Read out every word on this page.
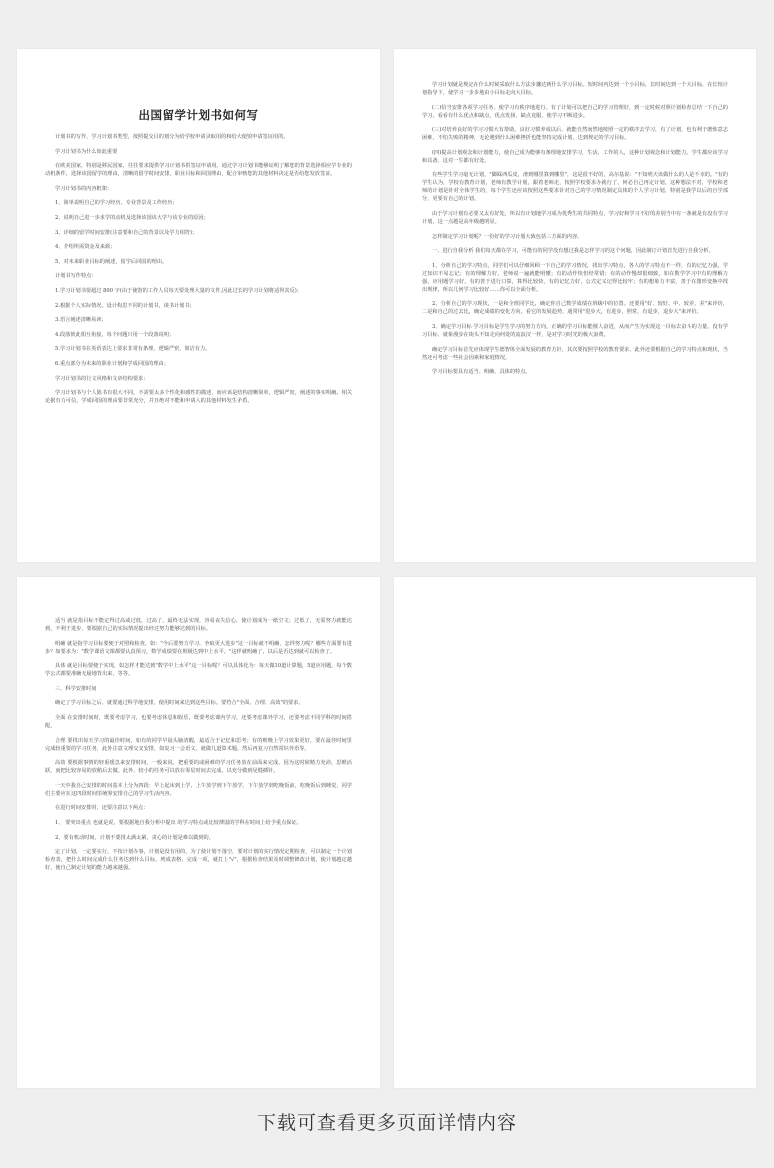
出国留学计划书如何写
计划书的写作，学习计划书类型，按照提交目的划分为给学校申请录取用的和给大使馆申请签证用的。
学习计划书为什么如此重要
在欧美国家，特别是移民国家，往往要求提供学习计划书供签证申请用。通过学习计划书能够证明了解您的背景选择相应学专业的动机条件，选择该国留学的理由，清晰的留学时间安排，职业目标和回国理由，配合审核您的其他材料决定是否给您发放签证。
学习计划书的内容框架：
1、简单说明自己的学习经历，专业背景及工作经历；
2、说明自己进一步求学的动机及选择该国该大学与该专业的原因；
3、详细的留学时间安排(注意要和自己的背景以及学力相符)；
4、介绍所需资金及来源；
5、对未来职业目标的阐述，留学后回国的理由。
计划书写作特点：
1.学习计划书要超过 800 字(由于使馆的工作人员每天要处理大量的文件,因此过长的学习计划将适得其反)；
2.根据个人实际情况，设计构思不同的计划书，谈书计划书；
3.语言阐述清晰易读；
4.段落彼此相互衔接，每个问题只用一个段落说明；
5.学习计划书在英语表达上要求非常有条理，逻辑严密，简洁有力。
6.重点部分为未来的职业计划和学成回国的理由；
学习计划书的行文风格和文章结构要求：
学习计划书与个人陈书有很大不同，不需要太多个性化和感性的描述，而应该是结构清晰简单，逻辑严密，阐述的事实明确。相关论据有力可信，学成回国的理由要非常充分，并且绝对不能和申请人的其他材料发生矛盾。
学习计划就是规定在什么时候采取什么方法步骤达到什么学习目标。短时间内达到一个小目标，长时间达到一个大目标，在长短计划指导下，使学习一步步地由小目标走向大目标。
(二)恰当安排各项学习任务，使学习有秩序地进行。有了计划可以把自己的学习管理好，到一定时候对照计划检查总结一下自己的学习，看看有什么优点和缺点，优点发扬，缺点克服，使学习不断进步。
(三)对培养良好的学习习惯大有帮助。良好习惯养成以后，就能自然而然地按照一定的秩序去学习，有了计划，也有利于磨炼意志困难，不怕失败的精神，无论遇到什么困难挫折也能坚持完成计划，达到规定的学习目标。
(四)提高计划观念和计划能力，使自己成为能够有条理地安排学习，生活，工作的人，这种计划观念和计划能力，学生都应该学习和具备，这对一生都有好处。
有些学生学习毫无计划，"脚踩西瓜皮，滑到哪里算到哪里"，这是很不好的，高尔基说："不知明天该做什么的人是不幸的。"有的学生认为，学校有教育计划，老师有教学计划，跟着老师走，按照学校要求办就行了，何必自己再定计划，这种想法不对，学校和老师的计划是针对全体学生的，每个学生还应该按照这些要求针对自己的学习情况制定具体的个人学习计划，特别是我学以后的自学部分，更要有自己的计划。
由于学习计划有必要又太有好处，所以有计划地学习成为优秀生的共同特点，学习好和学习不好的差别当中有一条就是有没有学习计划，这一点越是高年级越明显。
怎样制定学习计划呢？一份好的学习计划大致包括三方面的内容。
一、进行自我分析 我们每天都在学习，可能有的同学没有想过我是怎样学习的这个问题，因此制订计划首先进行自我分析。
1、分析自己的学习特点，同学们可以仔细回顾一下自己的学习情况，找出学习特点，各人的学习特点不一样，有的记忆力强，学过知识不易忘记；有的理解力好，老师说一遍就能明懂；有的动作快但经常错；有的动作慢却很细致，如在数学学习中有的理解力强，应用题学习好，有的善于进行口算，算得比较快，有的记忆力好，公式定义记得比较牢；有的想象力丰富，善于在图形变换中找出规律，所以几何学习比较好……你可以全面分析。
2、分析自己的学习现状，一是和全班同学比，确定你自己数学成绩在班级中的位置。还要用"好、较好、中、较差、差"来评价，二是和自己的过去比，确定成绩的变化方向，看它的发展趋势，通常用"进步大，有进步，照常，有退步，退步大"来评价。
3、确定学习目标 学习目标是学生学习的努力方向，正确的学习目标能催人奋进，从而产生为实现这一目标去奋斗的力量。没有学习目标，就象漫步在街头不知走向何处的流浪汉一样，是对学习时光的极大浪费。
确定学习目标首先应体现学生德智体全面发展的教育方针，其次要按照学校的教育要求，此外还要根据自己的学习特点和现状，当然还可考虑一些社会因素和家庭情况。
学习目标要具有适当、明确、具体的特点。
适当 就是指目标不能定得过高或过低，过高了，最终无法实现，容易丧失信心，使计划成为一纸空文；过低了，无需努力就能达到，不利于进步，要根据自己的实际情况提出经过努力能够达到的目标。
明确 就是指学习目标要便于对照和检查，如："今后要努力学习，争取更大进步"这一目标就不明确，怎样努力呢？哪些方面要有进步？如要求为："数学课语文课都要认真预习，数学成绩要在班级达到中上水平。"这样就明确了，以后是否达到就可以检查了。
具体 就是目标要便于实现，如怎样才能达到"数学中上水平"这一目标呢？可以具体化为：每天做10道计算题，5道应用题，每个数学公式都要准确无疑地背出来，等等。
三、科学安排时间
确定了学习目标之后，就要通过科学地安排，使用时间来达到这些目标。要符合"全面、合理、高效"的要求。
全面 在安排时间时，既要考虑学习，也要考虑休息和娱乐，既要考虑课内学习，还要考虑课外学习，还要考虑不同学科的时间搭配。
合理 要找出每天学习的最佳时间，如有的同学早晨头脑清醒，最适合于记忆和思考；有的则晚上学习效果更好，要在最佳时间里完成较重要的学习任务，此外注意文理交叉安排，如复习一会语文，就做几道算术题，然后再复习自然常识外语等。
高效 要根据事情的轻重缓急来安排时间，一般来说，把重要的或困难的学习任务放在前面来完成，因为这时候精力充沛，思维活跃，而把比较容易的放稍后去做。此外，较小的任务可以放在零星时间去完成，以充分做到见缝插针。
一天中我自己安排的时间基本上分为四段：早上起床到上学，上午放学到下午放学，下午放学到吃晚饭前，吃晚饭后到睡觉，同学们主要应在这四段时间里统筹安排自己的学习生活内容。
在进行时间安排时，还要注意以下两点：
1、 要突出重点 也就是说，要根据地自我分析中提出 的学习特点或比较薄弱的学科在时间上给予重点保证。
2、要有机动时间，计划不要排太满太紧，贪心的计划是难以做到的。
定了计划，一定要实行，不按计划办事，计划是没有用的，为了使计划不落空，要对计划的实行情况定期检查，可以制定一个计划检查表，把什么时间完成什么任务达到什么目标，列成表格，完成一项，就打上"√"，根据检查结果及时调整修改计划，使计划越定越好，使自己制定计划的能力越来越强。
下载可查看更多页面详情内容
